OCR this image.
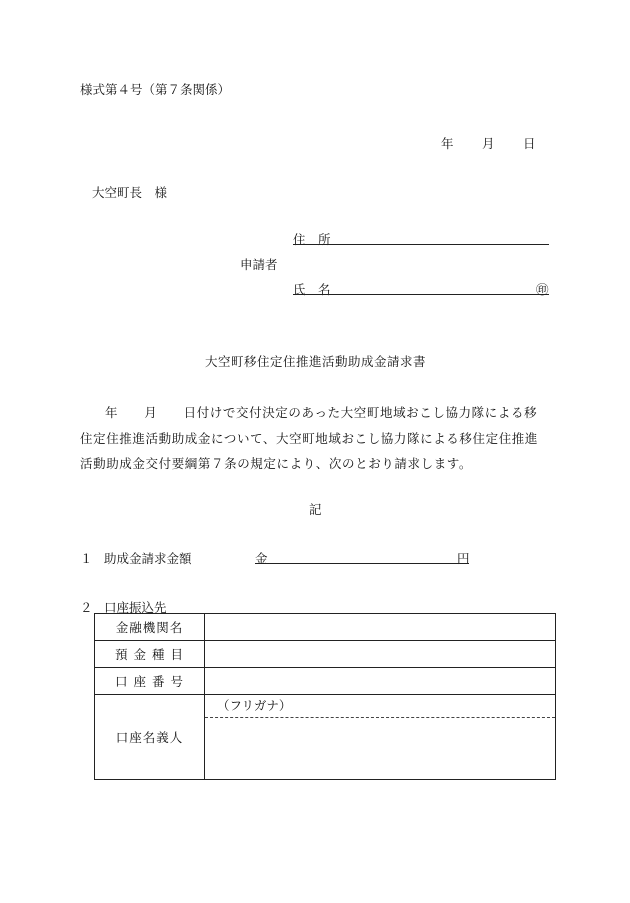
様式第４号（第７条関係）
年 月 日
大空町長　様
住　所
申請者
氏　名	㊞
大空町移住定住推進活動助成金請求書
年　　月　　日付けで交付決定のあった大空町地域おこし協力隊による移
住定住推進活動助成金について、大空町地域おこし協力隊による移住定住推進
活動助成金交付要綱第７条の規定により、次のとおり請求します。
記
１ 助成金請求金額	金	円
２ 口座振込先
金融機関名	
預 金 種 目	
口 座 番 号	
口座名義人	（フリガナ）
